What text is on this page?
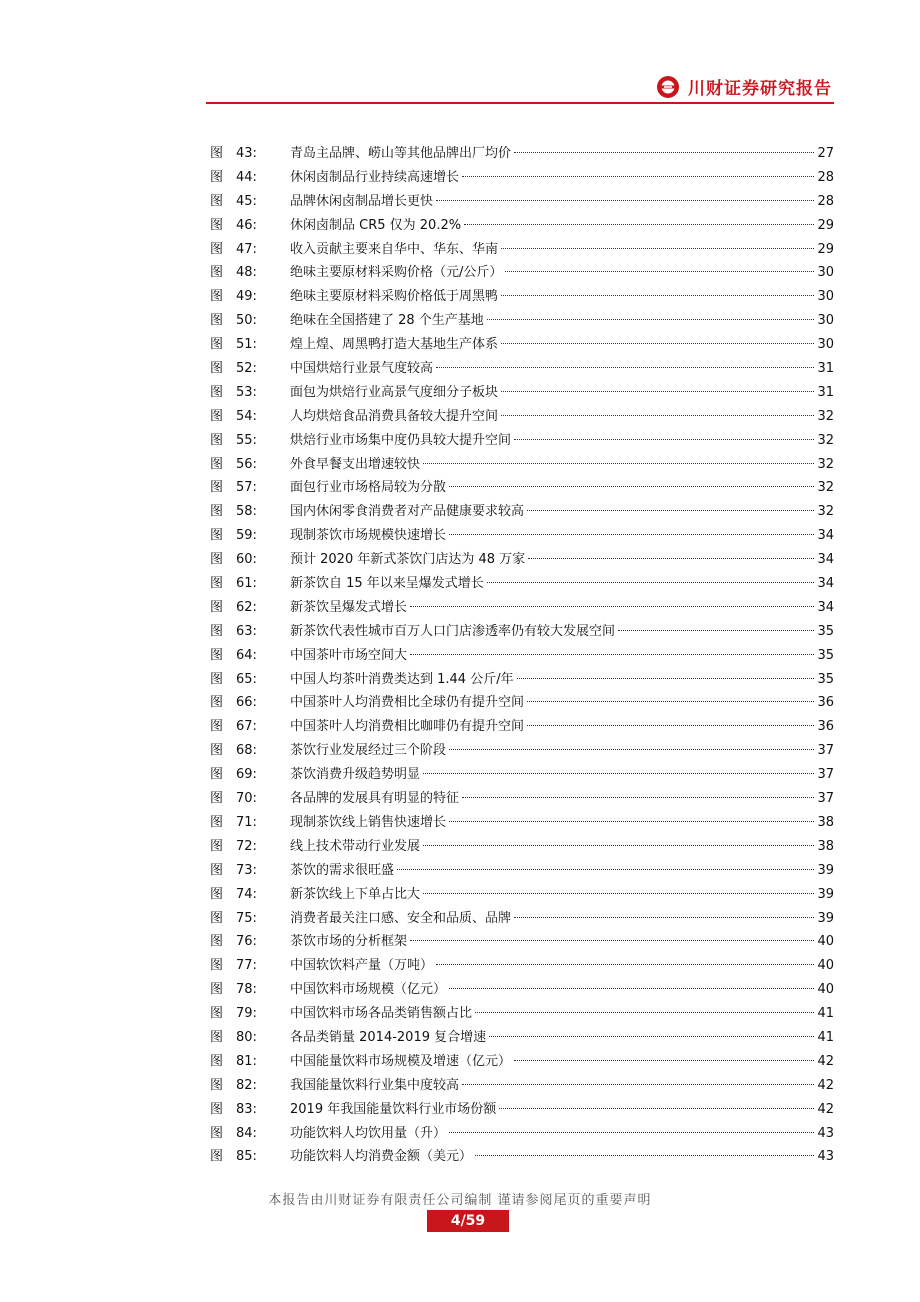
川财证券研究报告
图 43:	青岛主品牌、崂山等其他品牌出厂均价	27
图 44:	休闲卤制品行业持续高速增长	28
图 45:	品牌休闲卤制品增长更快	28
图 46:	休闲卤制品 CR5 仅为 20.2%	29
图 47:	收入贡献主要来自华中、华东、华南	29
图 48:	绝味主要原材料采购价格（元/公斤）	30
图 49:	绝味主要原材料采购价格低于周黑鸭	30
图 50:	绝味在全国搭建了 28 个生产基地	30
图 51:	煌上煌、周黑鸭打造大基地生产体系	30
图 52:	中国烘焙行业景气度较高	31
图 53:	面包为烘焙行业高景气度细分子板块	31
图 54:	人均烘焙食品消费具备较大提升空间	32
图 55:	烘焙行业市场集中度仍具较大提升空间	32
图 56:	外食早餐支出增速较快	32
图 57:	面包行业市场格局较为分散	32
图 58:	国内休闲零食消费者对产品健康要求较高	32
图 59:	现制茶饮市场规模快速增长	34
图 60:	预计 2020 年新式茶饮门店达为 48 万家	34
图 61:	新茶饮自 15 年以来呈爆发式增长	34
图 62:	新茶饮呈爆发式增长	34
图 63:	新茶饮代表性城市百万人口门店渗透率仍有较大发展空间	35
图 64:	中国茶叶市场空间大	35
图 65:	中国人均茶叶消费类达到 1.44 公斤/年	35
图 66:	中国茶叶人均消费相比全球仍有提升空间	36
图 67:	中国茶叶人均消费相比咖啡仍有提升空间	36
图 68:	茶饮行业发展经过三个阶段	37
图 69:	茶饮消费升级趋势明显	37
图 70:	各品牌的发展具有明显的特征	37
图 71:	现制茶饮线上销售快速增长	38
图 72:	线上技术带动行业发展	38
图 73:	茶饮的需求很旺盛	39
图 74:	新茶饮线上下单占比大	39
图 75:	消费者最关注口感、安全和品质、品牌	39
图 76:	茶饮市场的分析框架	40
图 77:	中国软饮料产量（万吨）	40
图 78:	中国饮料市场规模（亿元）	40
图 79:	中国饮料市场各品类销售额占比	41
图 80:	各品类销量 2014-2019 复合增速	41
图 81:	中国能量饮料市场规模及增速（亿元）	42
图 82:	我国能量饮料行业集中度较高	42
图 83:	2019 年我国能量饮料行业市场份额	42
图 84:	功能饮料人均饮用量（升）	43
图 85:	功能饮料人均消费金额（美元）	43
本报告由川财证券有限责任公司编制 谨请参阅尾页的重要声明
4/59
